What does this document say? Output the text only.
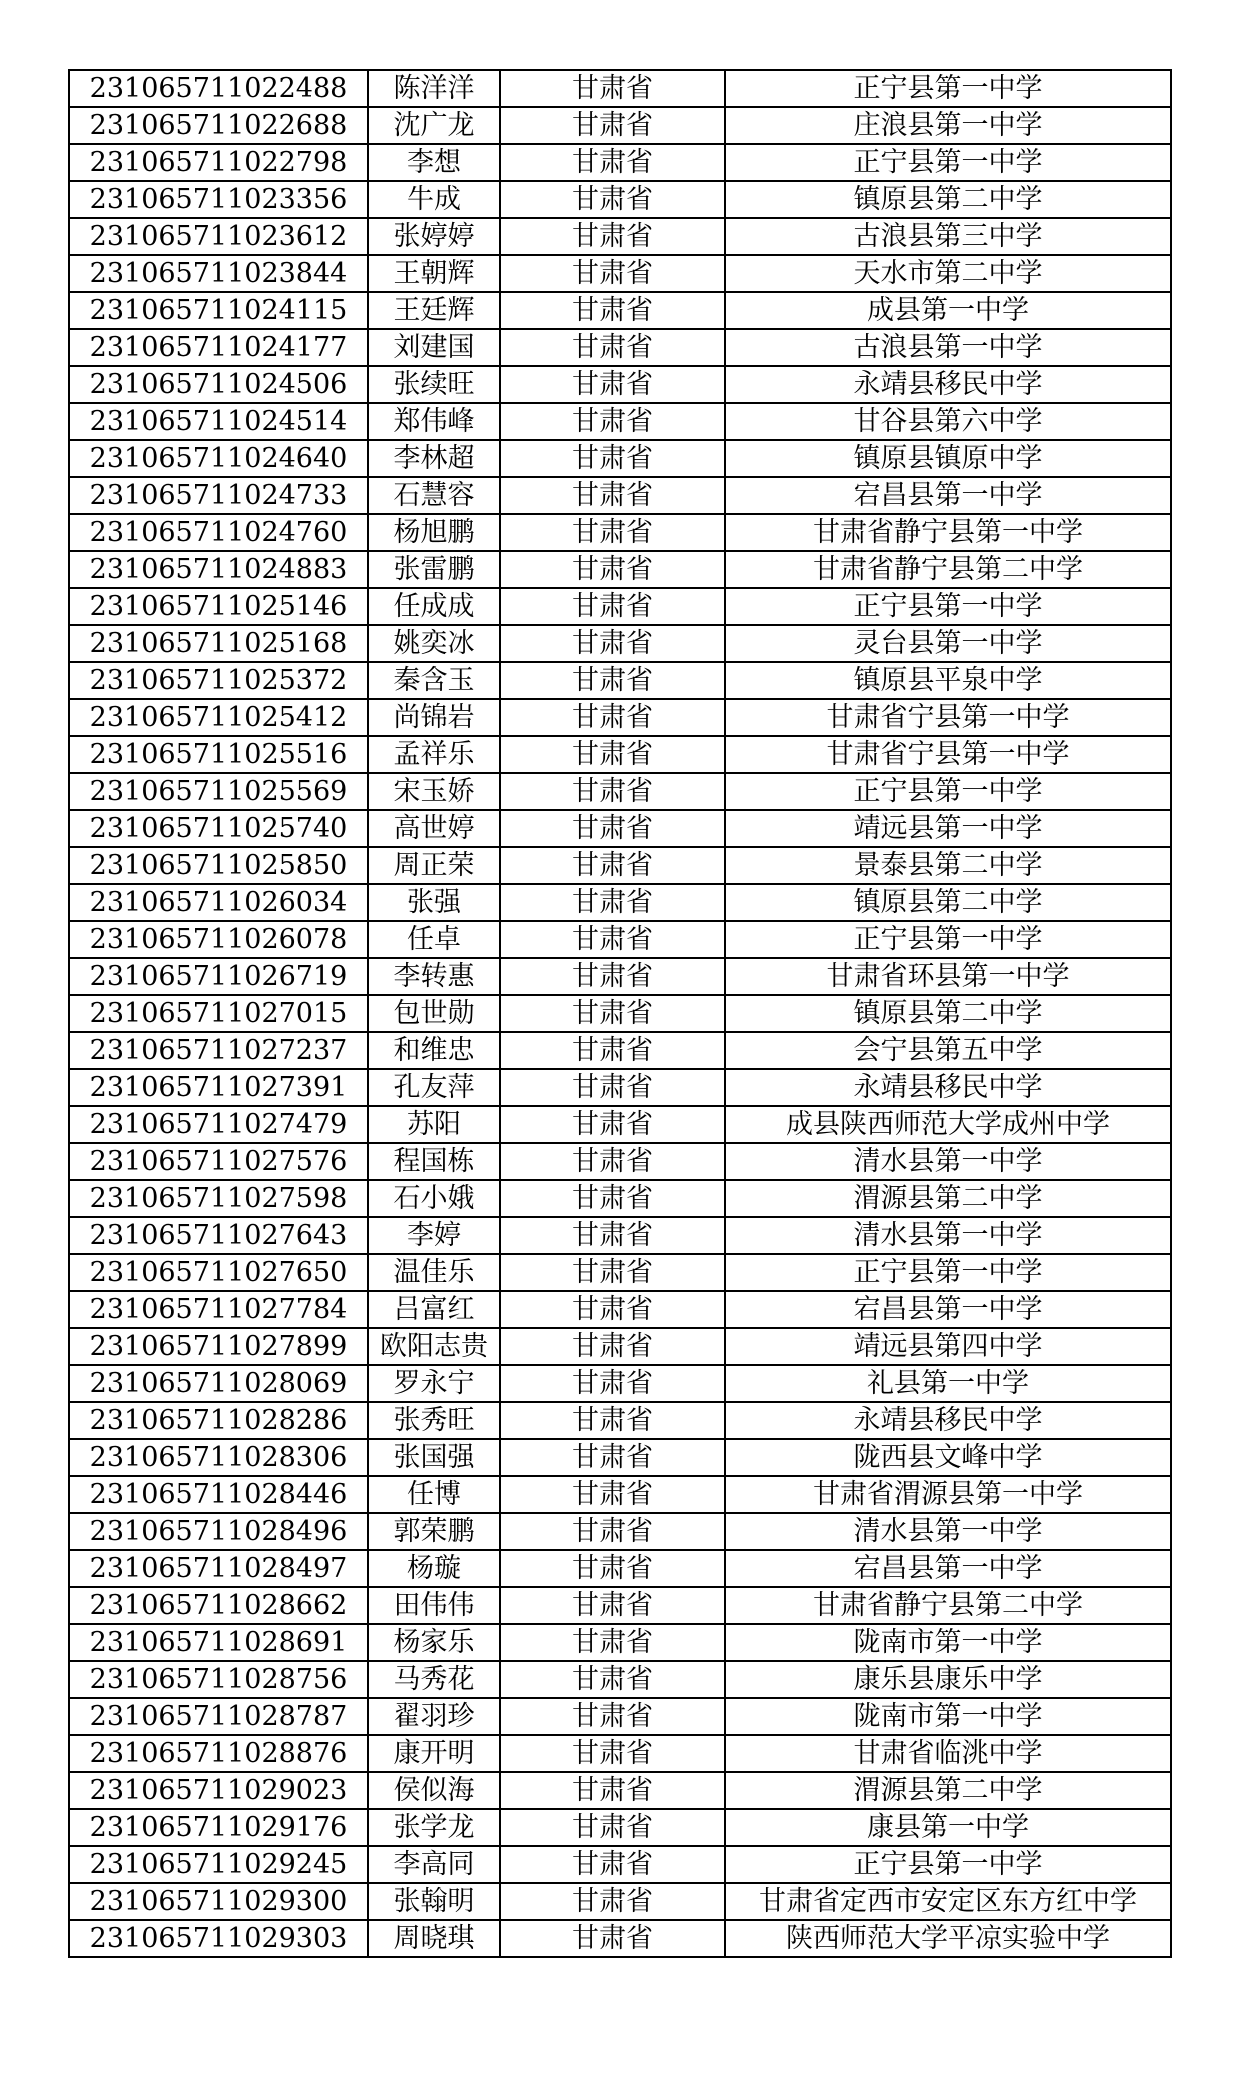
231065711022488	陈洋洋	甘肃省	正宁县第一中学
231065711022688	沈广龙	甘肃省	庄浪县第一中学
231065711022798	李想	甘肃省	正宁县第一中学
231065711023356	牛成	甘肃省	镇原县第二中学
231065711023612	张婷婷	甘肃省	古浪县第三中学
231065711023844	王朝辉	甘肃省	天水市第二中学
231065711024115	王廷辉	甘肃省	成县第一中学
231065711024177	刘建国	甘肃省	古浪县第一中学
231065711024506	张续旺	甘肃省	永靖县移民中学
231065711024514	郑伟峰	甘肃省	甘谷县第六中学
231065711024640	李林超	甘肃省	镇原县镇原中学
231065711024733	石慧容	甘肃省	宕昌县第一中学
231065711024760	杨旭鹏	甘肃省	甘肃省静宁县第一中学
231065711024883	张雷鹏	甘肃省	甘肃省静宁县第二中学
231065711025146	任成成	甘肃省	正宁县第一中学
231065711025168	姚奕冰	甘肃省	灵台县第一中学
231065711025372	秦含玉	甘肃省	镇原县平泉中学
231065711025412	尚锦岩	甘肃省	甘肃省宁县第一中学
231065711025516	孟祥乐	甘肃省	甘肃省宁县第一中学
231065711025569	宋玉娇	甘肃省	正宁县第一中学
231065711025740	高世婷	甘肃省	靖远县第一中学
231065711025850	周正荣	甘肃省	景泰县第二中学
231065711026034	张强	甘肃省	镇原县第二中学
231065711026078	任卓	甘肃省	正宁县第一中学
231065711026719	李转惠	甘肃省	甘肃省环县第一中学
231065711027015	包世勋	甘肃省	镇原县第二中学
231065711027237	和维忠	甘肃省	会宁县第五中学
231065711027391	孔友萍	甘肃省	永靖县移民中学
231065711027479	苏阳	甘肃省	成县陕西师范大学成州中学
231065711027576	程国栋	甘肃省	清水县第一中学
231065711027598	石小娥	甘肃省	渭源县第二中学
231065711027643	李婷	甘肃省	清水县第一中学
231065711027650	温佳乐	甘肃省	正宁县第一中学
231065711027784	吕富红	甘肃省	宕昌县第一中学
231065711027899	欧阳志贵	甘肃省	靖远县第四中学
231065711028069	罗永宁	甘肃省	礼县第一中学
231065711028286	张秀旺	甘肃省	永靖县移民中学
231065711028306	张国强	甘肃省	陇西县文峰中学
231065711028446	任博	甘肃省	甘肃省渭源县第一中学
231065711028496	郭荣鹏	甘肃省	清水县第一中学
231065711028497	杨璇	甘肃省	宕昌县第一中学
231065711028662	田伟伟	甘肃省	甘肃省静宁县第二中学
231065711028691	杨家乐	甘肃省	陇南市第一中学
231065711028756	马秀花	甘肃省	康乐县康乐中学
231065711028787	翟羽珍	甘肃省	陇南市第一中学
231065711028876	康开明	甘肃省	甘肃省临洮中学
231065711029023	侯似海	甘肃省	渭源县第二中学
231065711029176	张学龙	甘肃省	康县第一中学
231065711029245	李高同	甘肃省	正宁县第一中学
231065711029300	张翰明	甘肃省	甘肃省定西市安定区东方红中学
231065711029303	周晓琪	甘肃省	陕西师范大学平凉实验中学
